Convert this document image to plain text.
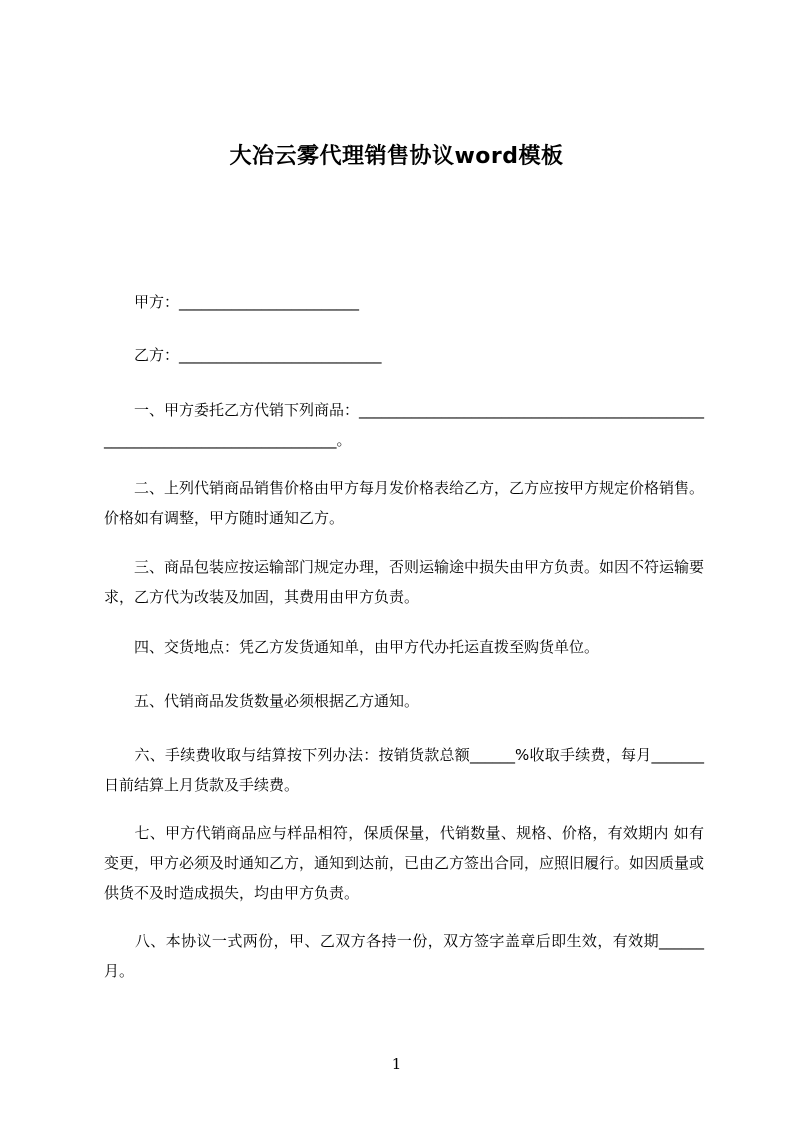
大冶云雾代理销售协议word模板
　　甲方：________________________
　　乙方：___________________________
　　一、甲方委托乙方代销下列商品：_____________________________________________________________________________。
　　二、上列代销商品销售价格由甲方每月发价格表给乙方，乙方应按甲方规定价格销售。价格如有调整，甲方随时通知乙方。
　　三、商品包装应按运输部门规定办理，否则运输途中损失由甲方负责。如因不符运输要求，乙方代为改装及加固，其费用由甲方负责。
　　四、交货地点：凭乙方发货通知单，由甲方代办托运直拨至购货单位。
　　五、代销商品发货数量必须根据乙方通知。
　　六、手续费收取与结算按下列办法：按销货款总额______%收取手续费，每月_______日前结算上月货款及手续费。
　　七、甲方代销商品应与样品相符，保质保量，代销数量、规格、价格，有效期内 如有变更，甲方必须及时通知乙方，通知到达前，已由乙方签出合同，应照旧履行。如因质量或供货不及时造成损失，均由甲方负责。
　　八、本协议一式两份，甲、乙双方各持一份，双方签字盖章后即生效，有效期______月。
1
